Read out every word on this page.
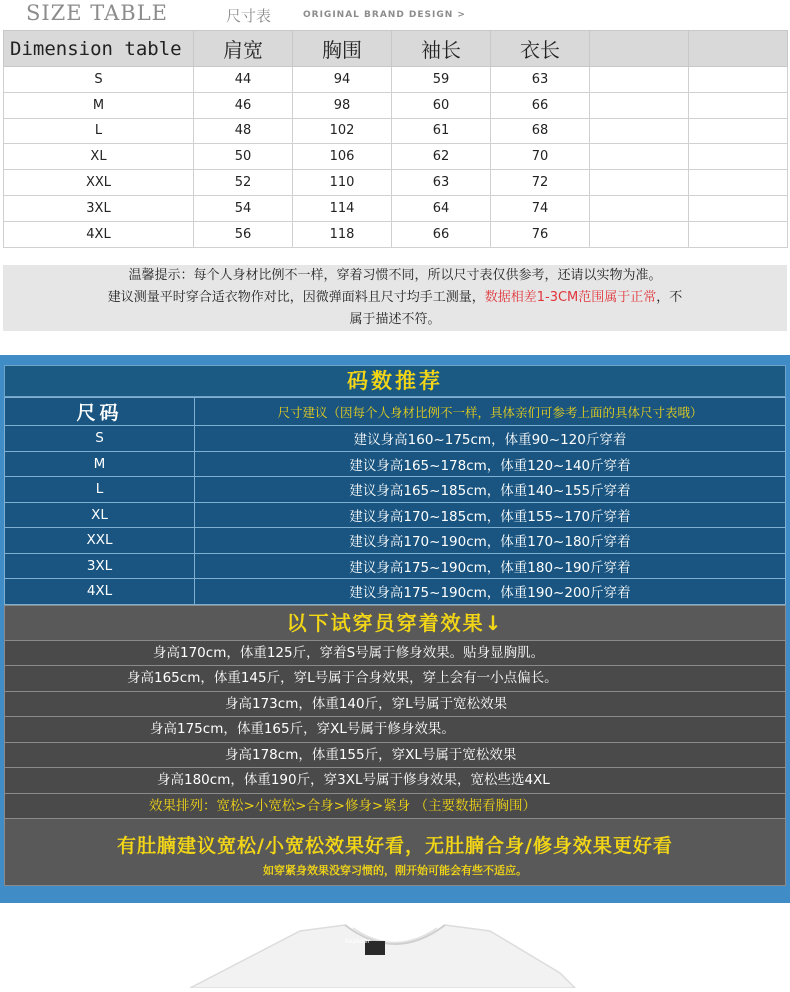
SIZE TABLE	尺寸表	ORIGINAL BRAND DESIGN >
Dimension table	肩宽	胸围	袖长	衣长		
S	44	94	59	63		
M	46	98	60	66		
L	48	102	61	68		
XL	50	106	62	70		
XXL	52	110	63	72		
3XL	54	114	64	74		
4XL	56	118	66	76		
温馨提示：每个人身材比例不一样，穿着习惯不同，所以尺寸表仅供参考，还请以实物为准。
建议测量平时穿合适衣物作对比，因微弹面料且尺寸均手工测量，数据相差1-3CM范围属于正常，不
属于描述不符。
码数推荐
尺码	尺寸建议（因每个人身材比例不一样，具体亲们可参考上面的具体尺寸表哦）
S	建议身高160~175cm，体重90~120斤穿着
M	建议身高165~178cm，体重120~140斤穿着
L	建议身高165~185cm，体重140~155斤穿着
XL	建议身高170~185cm，体重155~170斤穿着
XXL	建议身高170~190cm，体重170~180斤穿着
3XL	建议身高175~190cm，体重180~190斤穿着
4XL	建议身高175~190cm，体重190~200斤穿着
以下试穿员穿着效果↓
身高170cm，体重125斤，穿着S号属于修身效果。贴身显胸肌。
身高165cm，体重145斤，穿L号属于合身效果，穿上会有一小点偏长。
身高173cm，体重140斤，穿L号属于宽松效果
身高175cm，体重165斤，穿XL号属于修身效果。
身高178cm，体重155斤，穿XL号属于宽松效果
身高180cm，体重190斤，穿3XL号属于修身效果，宽松些选4XL
效果排列：宽松>小宽松>合身>修身>紧身 （主要数据看胸围）
有肚腩建议宽松/小宽松效果好看，无肚腩合身/修身效果更好看
如穿紧身效果没穿习惯的，刚开始可能会有些不适应。
Keplerer
